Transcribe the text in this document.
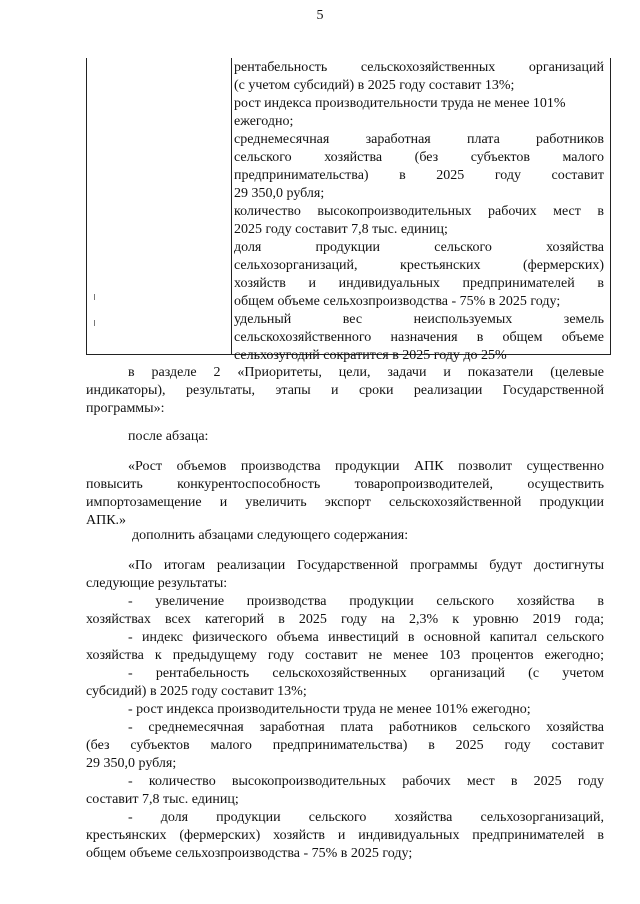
5
рентабельность сельскохозяйственных организаций
(с учетом субсидий) в 2025 году составит 13%;
рост индекса производительности труда не менее 101%
ежегодно;
среднемесячная заработная плата работников
сельского хозяйства (без субъектов малого
предпринимательства) в 2025 году составит
29 350,0 рубля;
количество высокопроизводительных рабочих мест в
2025 году составит 7,8 тыс. единиц;
доля продукции сельского хозяйства
сельхозорганизаций, крестьянских (фермерских)
хозяйств и индивидуальных предпринимателей в
общем объеме сельхозпроизводства - 75% в 2025 году;
удельный вес неиспользуемых земель
сельскохозяйственного назначения в общем объеме
сельхозугодий сократится в 2025 году до 25%
в разделе 2 «Приоритеты, цели, задачи и показатели (целевые
индикаторы), результаты, этапы и сроки реализации Государственной
программы»:
после абзаца:
«Рост объемов производства продукции АПК позволит существенно
повысить конкурентоспособность товаропроизводителей, осуществить
импортозамещение и увеличить экспорт сельскохозяйственной продукции
АПК.»
дополнить абзацами следующего содержания:
«По итогам реализации Государственной программы будут достигнуты
следующие результаты:
- увеличение производства продукции сельского хозяйства в
хозяйствах всех категорий в 2025 году на 2,3% к уровню 2019 года;
- индекс физического объема инвестиций в основной капитал сельского
хозяйства к предыдущему году составит не менее 103 процентов ежегодно;
- рентабельность сельскохозяйственных организаций (с учетом
субсидий) в 2025 году составит 13%;
- рост индекса производительности труда не менее 101% ежегодно;
- среднемесячная заработная плата работников сельского хозяйства
(без субъектов малого предпринимательства) в 2025 году составит
29 350,0 рубля;
- количество высокопроизводительных рабочих мест в 2025 году
составит 7,8 тыс. единиц;
- доля продукции сельского хозяйства сельхозорганизаций,
крестьянских (фермерских) хозяйств и индивидуальных предпринимателей в
общем объеме сельхозпроизводства - 75% в 2025 году;
